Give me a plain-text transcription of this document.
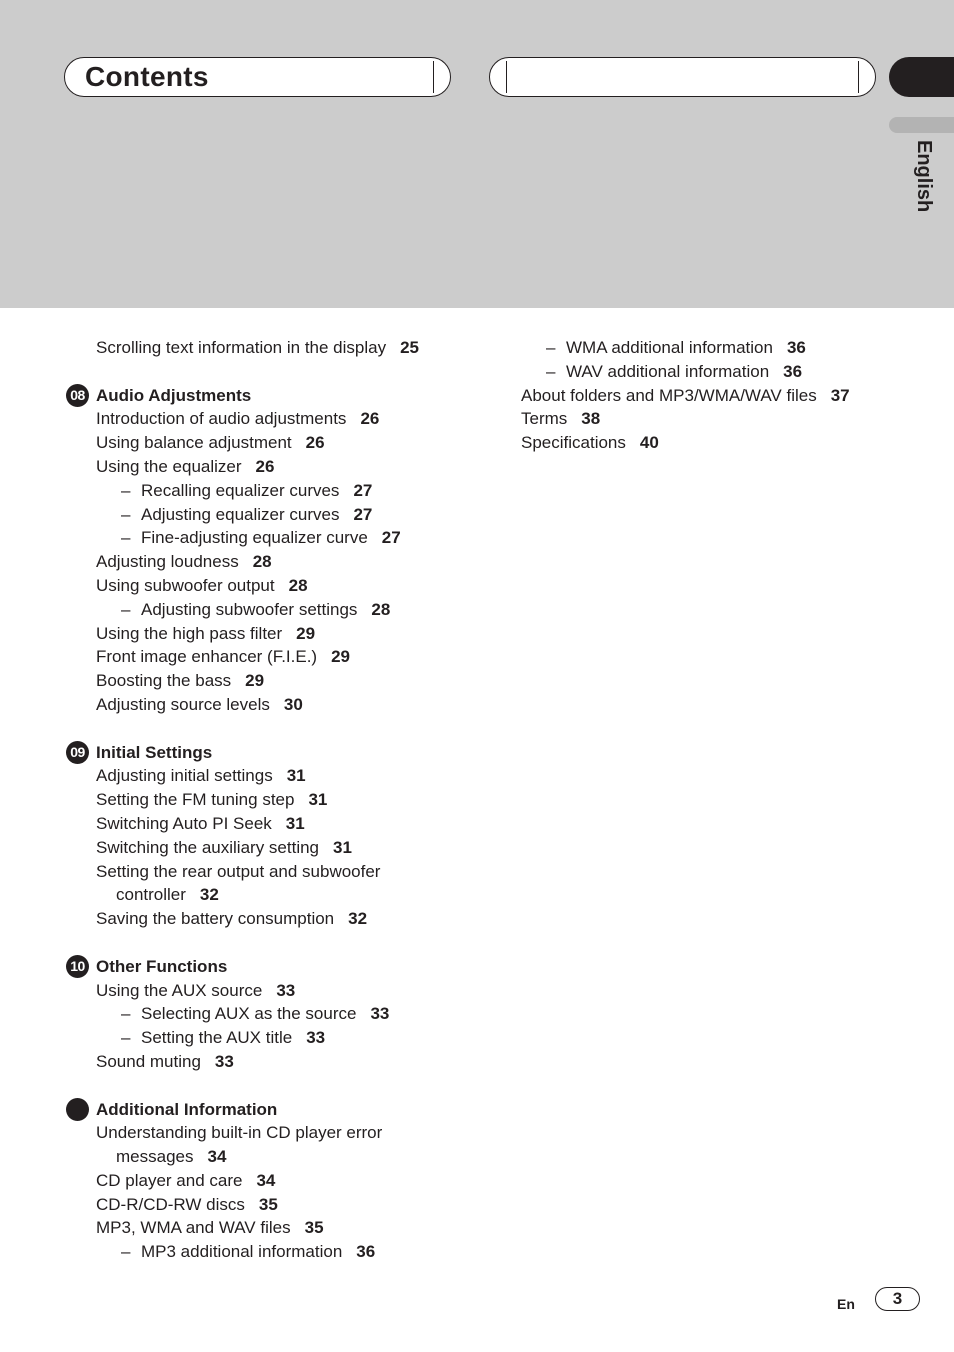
Contents
English
Scrolling text information in the display 25
08 Audio Adjustments
Introduction of audio adjustments 26
Using balance adjustment 26
Using the equalizer 26
– Recalling equalizer curves 27
– Adjusting equalizer curves 27
– Fine-adjusting equalizer curve 27
Adjusting loudness 28
Using subwoofer output 28
– Adjusting subwoofer settings 28
Using the high pass filter 29
Front image enhancer (F.I.E.) 29
Boosting the bass 29
Adjusting source levels 30
09 Initial Settings
Adjusting initial settings 31
Setting the FM tuning step 31
Switching Auto PI Seek 31
Switching the auxiliary setting 31
Setting the rear output and subwoofer
controller 32
Saving the battery consumption 32
10 Other Functions
Using the AUX source 33
– Selecting AUX as the source 33
– Setting the AUX title 33
Sound muting 33
Additional Information
Understanding built-in CD player error
messages 34
CD player and care 34
CD-R/CD-RW discs 35
MP3, WMA and WAV files 35
– MP3 additional information 36
– WMA additional information 36
– WAV additional information 36
About folders and MP3/WMA/WAV files 37
Terms 38
Specifications 40
En	3
